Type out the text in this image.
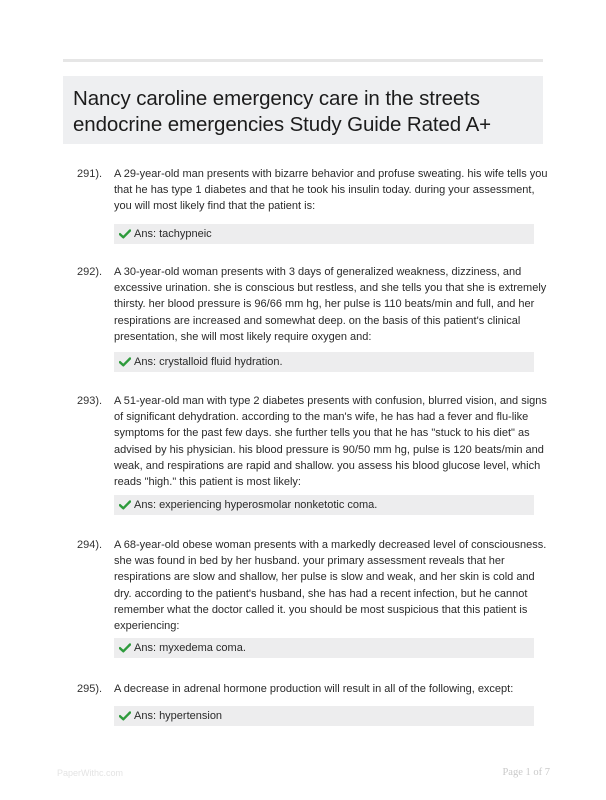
Nancy caroline emergency care in the streets
endocrine emergencies Study Guide Rated A+
291). A 29-year-old man presents with bizarre behavior and profuse sweating. his wife tells you
that he has type 1 diabetes and that he took his insulin today. during your assessment,
you will most likely find that the patient is:
Ans: tachypneic
292). A 30-year-old woman presents with 3 days of generalized weakness, dizziness, and
excessive urination. she is conscious but restless, and she tells you that she is extremely
thirsty. her blood pressure is 96/66 mm hg, her pulse is 110 beats/min and full, and her
respirations are increased and somewhat deep. on the basis of this patient's clinical
presentation, she will most likely require oxygen and:
Ans: crystalloid fluid hydration.
293). A 51-year-old man with type 2 diabetes presents with confusion, blurred vision, and signs
of significant dehydration. according to the man's wife, he has had a fever and flu-like
symptoms for the past few days. she further tells you that he has "stuck to his diet" as
advised by his physician. his blood pressure is 90/50 mm hg, pulse is 120 beats/min and
weak, and respirations are rapid and shallow. you assess his blood glucose level, which
reads "high." this patient is most likely:
Ans: experiencing hyperosmolar nonketotic coma.
294). A 68-year-old obese woman presents with a markedly decreased level of consciousness.
she was found in bed by her husband. your primary assessment reveals that her
respirations are slow and shallow, her pulse is slow and weak, and her skin is cold and
dry. according to the patient's husband, she has had a recent infection, but he cannot
remember what the doctor called it. you should be most suspicious that this patient is
experiencing:
Ans: myxedema coma.
295). A decrease in adrenal hormone production will result in all of the following, except:
Ans: hypertension
PaperWithc.com	Page 1 of 7
